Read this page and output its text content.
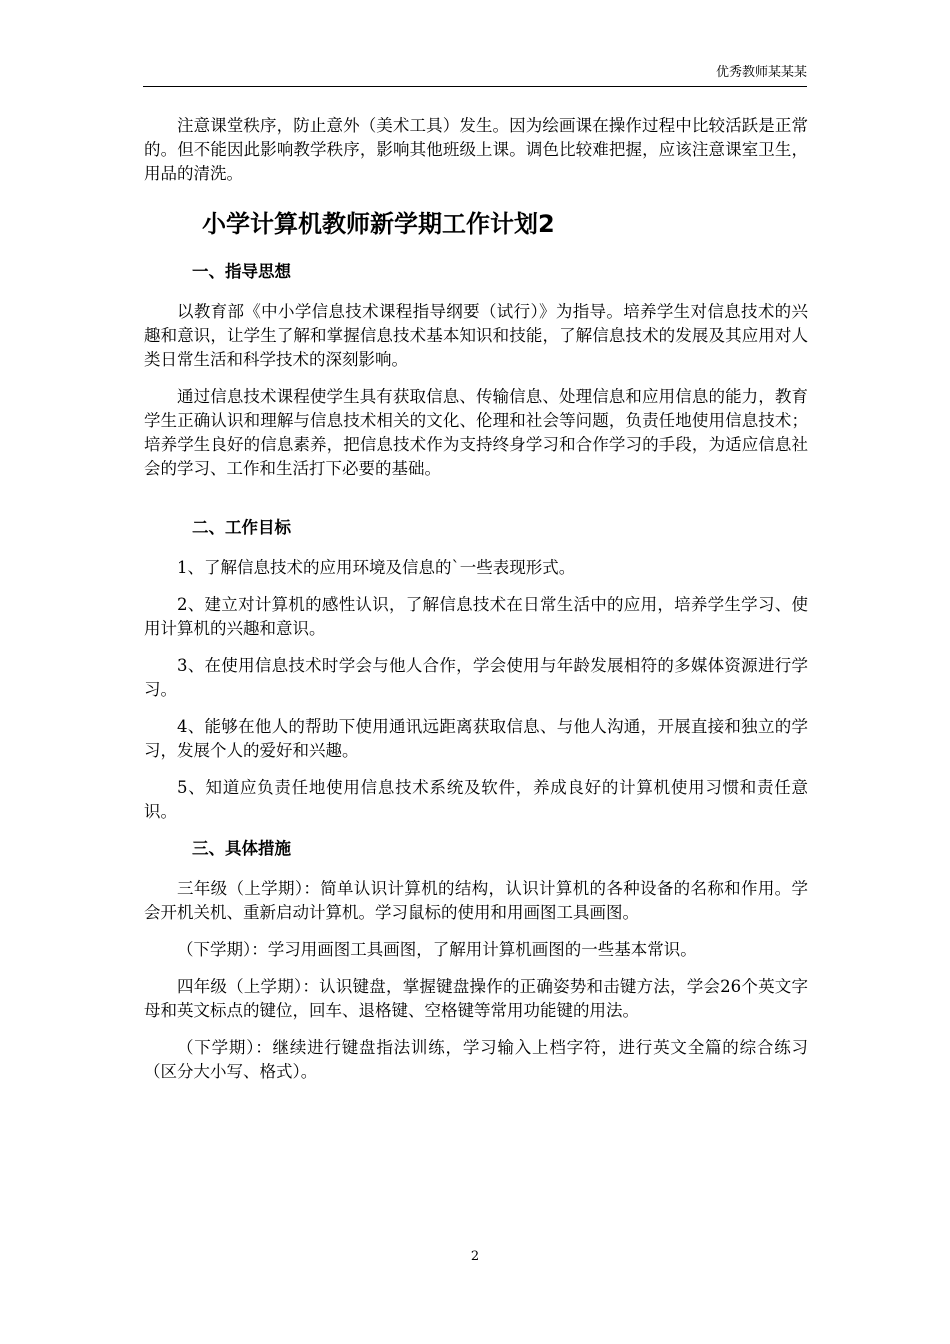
优秀教师某某某

注意课堂秩序，防止意外（美术工具）发生。因为绘画课在操作过程中比较活跃是正常的。但不能因此影响教学秩序，影响其他班级上课。调色比较难把握，应该注意课室卫生，用品的清洗。

小学计算机教师新学期工作计划2
一、指导思想

以教育部《中小学信息技术课程指导纲要（试行）》为指导。培养学生对信息技术的兴趣和意识，让学生了解和掌握信息技术基本知识和技能，了解信息技术的发展及其应用对人类日常生活和科学技术的深刻影响。

通过信息技术课程使学生具有获取信息、传输信息、处理信息和应用信息的能力，教育学生正确认识和理解与信息技术相关的文化、伦理和社会等问题，负责任地使用信息技术；培养学生良好的信息素养，把信息技术作为支持终身学习和合作学习的手段，为适应信息社会的学习、工作和生活打下必要的基础。

二、工作目标

1、了解信息技术的应用环境及信息的`一些表现形式。

2、建立对计算机的感性认识，了解信息技术在日常生活中的应用，培养学生学习、使用计算机的兴趣和意识。

3、在使用信息技术时学会与他人合作，学会使用与年龄发展相符的多媒体资源进行学习。

4、能够在他人的帮助下使用通讯远距离获取信息、与他人沟通，开展直接和独立的学习，发展个人的爱好和兴趣。

5、知道应负责任地使用信息技术系统及软件，养成良好的计算机使用习惯和责任意识。

三、具体措施

三年级（上学期）：简单认识计算机的结构，认识计算机的各种设备的名称和作用。学会开机关机、重新启动计算机。学习鼠标的使用和用画图工具画图。

（下学期）：学习用画图工具画图，了解用计算机画图的一些基本常识。

四年级（上学期）：认识键盘，掌握键盘操作的正确姿势和击键方法，学会26个英文字母和英文标点的键位，回车、退格键、空格键等常用功能键的用法。

（下学期）：继续进行键盘指法训练，学习输入上档字符，进行英文全篇的综合练习（区分大小写、格式）。

2
